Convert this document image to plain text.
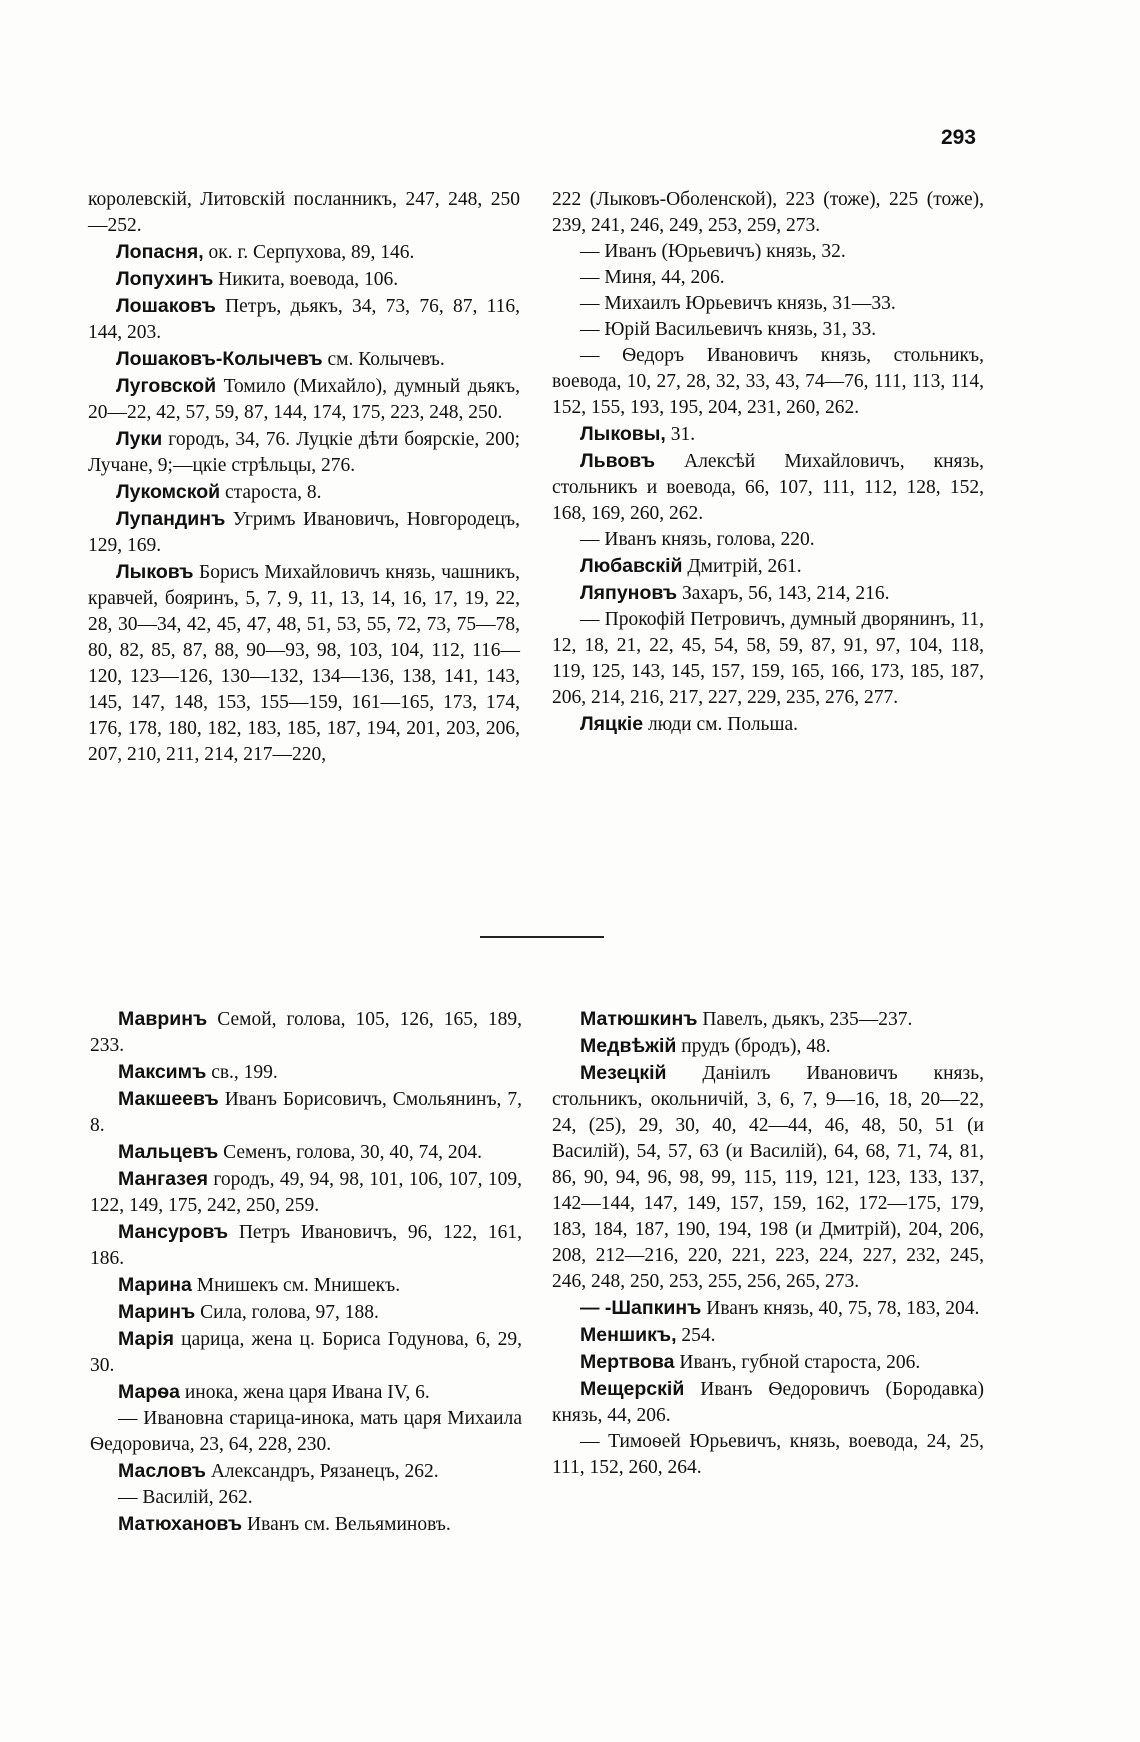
293

королевскій, Литовскій посланникъ, 247, 248, 250—252.

Лопасня, ок. г. Серпухова, 89, 146.

Лопухинъ Никита, воевода, 106.

Лошаковъ Петръ, дьякъ, 34, 73, 76, 87, 116, 144, 203.

Лошаковъ-Колычевъ см. Колычевъ.

Луговской Томило (Михайло), думный дьякъ, 20—22, 42, 57, 59, 87, 144, 174, 175, 223, 248, 250.

Луки городъ, 34, 76. Луцкіе дѣти боярскіе, 200; Лучане, 9;—цкіе стрѣльцы, 276.

Лукомской староста, 8.

Лупандинъ Угримъ Ивановичъ, Новгородецъ, 129, 169.

Лыковъ Борисъ Михайловичъ князь, чашникъ, кравчей, бояринъ, 5, 7, 9, 11, 13, 14, 16, 17, 19, 22, 28, 30—34, 42, 45, 47, 48, 51, 53, 55, 72, 73, 75—78, 80, 82, 85, 87, 88, 90—93, 98, 103, 104, 112, 116—120, 123—126, 130—132, 134—136, 138, 141, 143, 145, 147, 148, 153, 155—159, 161—165, 173, 174, 176, 178, 180, 182, 183, 185, 187, 194, 201, 203, 206, 207, 210, 211, 214, 217—220,

222 (Лыковъ-Оболенской), 223 (тоже), 225 (тоже), 239, 241, 246, 249, 253, 259, 273.

— Иванъ (Юрьевичъ) князь, 32.

— Миня, 44, 206.

— Михаилъ Юрьевичъ князь, 31—33.

— Юрій Васильевичъ князь, 31, 33.

— Ѳедоръ Ивановичъ князь, стольникъ, воевода, 10, 27, 28, 32, 33, 43, 74—76, 111, 113, 114, 152, 155, 193, 195, 204, 231, 260, 262.

Лыковы, 31.

Львовъ Алексѣй Михайловичъ, князь, стольникъ и воевода, 66, 107, 111, 112, 128, 152, 168, 169, 260, 262.

— Иванъ князь, голова, 220.

Любавскій Дмитрій, 261.

Ляпуновъ Захаръ, 56, 143, 214, 216.

— Прокофій Петровичъ, думный дворянинъ, 11, 12, 18, 21, 22, 45, 54, 58, 59, 87, 91, 97, 104, 118, 119, 125, 143, 145, 157, 159, 165, 166, 173, 185, 187, 206, 214, 216, 217, 227, 229, 235, 276, 277.

Ляцкіе люди см. Польша.

Мавринъ Семой, голова, 105, 126, 165, 189, 233.

Максимъ св., 199.

Макшеевъ Иванъ Борисовичъ, Смольянинъ, 7, 8.

Мальцевъ Семенъ, голова, 30, 40, 74, 204.

Мангазея городъ, 49, 94, 98, 101, 106, 107, 109, 122, 149, 175, 242, 250, 259.

Мансуровъ Петръ Ивановичъ, 96, 122, 161, 186.

Марина Мнишекъ см. Мнишекъ.

Маринъ Сила, голова, 97, 188.

Марія царица, жена ц. Бориса Годунова, 6, 29, 30.

Марѳа инока, жена царя Ивана IV, 6.

— Ивановна старица-инока, мать царя Михаила Ѳедоровича, 23, 64, 228, 230.

Масловъ Александръ, Рязанецъ, 262.

— Василій, 262.

Матюхановъ Иванъ см. Вельяминовъ.

Матюшкинъ Павелъ, дьякъ, 235—237.

Медвѣжій прудъ (бродъ), 48.

Мезецкій Даніилъ Ивановичъ князь, стольникъ, окольничій, 3, 6, 7, 9—16, 18, 20—22, 24, (25), 29, 30, 40, 42—44, 46, 48, 50, 51 (и Василій), 54, 57, 63 (и Василій), 64, 68, 71, 74, 81, 86, 90, 94, 96, 98, 99, 115, 119, 121, 123, 133, 137, 142—144, 147, 149, 157, 159, 162, 172—175, 179, 183, 184, 187, 190, 194, 198 (и Дмитрій), 204, 206, 208, 212—216, 220, 221, 223, 224, 227, 232, 245, 246, 248, 250, 253, 255, 256, 265, 273.

— -Шапкинъ Иванъ князь, 40, 75, 78, 183, 204.

Меншикъ, 254.

Мертвова Иванъ, губной староста, 206.

Мещерскій Иванъ Ѳедоровичъ (Бородавка) князь, 44, 206.

— Тимоѳей Юрьевичъ, князь, воевода, 24, 25, 111, 152, 260, 264.
